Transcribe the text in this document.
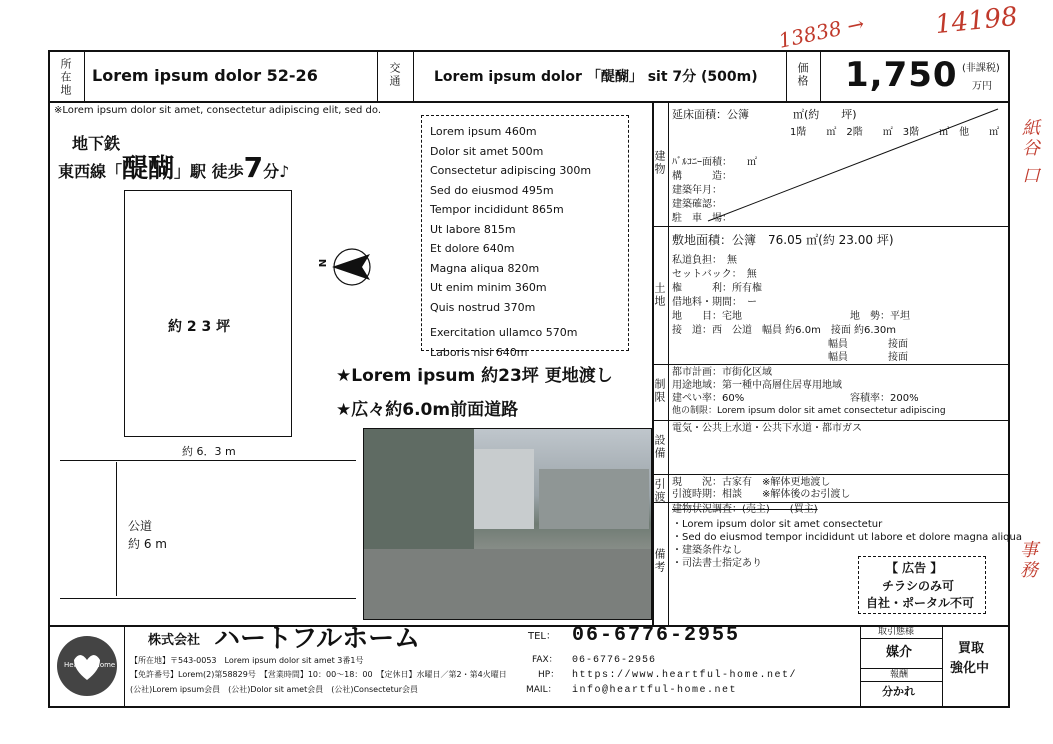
13838 →	14198
紙谷 口
事務
所在地 Lorem ipsum dolor 52-26	交通 Lorem ipsum dolor 「醍醐」 sit 7分 (500m)	価格 1,750 (非課税)
万円
※Lorem ipsum dolor sit amet, consectetur adipiscing elit, sed do.
地下鉄
東西線「醍醐」駅 徒歩7分♪
約 2 3 坪
約 6．3 m
公道
約 6 m
N
Lorem ipsum 460m
Dolor sit amet 500m
Consectetur adipiscing 300m
Sed do eiusmod 495m
Tempor incididunt 865m
Ut labore 815m
Et dolore 640m
Magna aliqua 820m
Ut enim minim 360m
Quis nostrud 370m
Exercitation ullamco 570m
Laboris nisi 640m
★Lorem ipsum 約23坪 更地渡し
★広々約6.0m前面道路
建物
延床面積：公簿　　　　㎡(約　　坪)
1階　　㎡　2階　　㎡　3階　　㎡　他　　㎡
ﾊﾞﾙｺﾆｰ面積：　　㎡
構　　　造：
建築年月：
建築確認：
駐　車　場：
土地
敷地面積：公簿　76.05 ㎡(約 23.00 坪)
私道負担：　無
セットバック：　無
権　　　利：所有権
借地料・期間：　ー
地　　目：宅地	地　勢：平坦
接　道：西　公道　幅員 約6.0m　接面 約6.30m
幅員　　　　接面
幅員　　　　接面
制限
都市計画：市街化区域
用途地域：第一種中高層住居専用地域
建ぺい率：60%	容積率：200%
他の制限：Lorem ipsum dolor sit amet consectetur adipiscing
設備
電気・公共上水道・公共下水道・都市ガス
引渡 現　　況：古家有　※解体更地渡し
引渡時期：相談　　※解体後のお引渡し
備考
建物状況調査：(売主)　　(買主)
・Lorem ipsum dolor sit amet consectetur
・Sed do eiusmod tempor incididunt ut labore et dolore magna aliqua
・建築条件なし
・司法書士指定あり	【 広告 】
チラシのみ可
自社・ポータル不可
Heartful Home
株式会社 ハートフルホーム
【所在地】〒543-0053　Lorem ipsum dolor sit amet 3番1号
【免許番号】Lorem(2)第58829号　【営業時間】10：00～18：00　【定休日】水曜日／第2・第4火曜日
(公社)Lorem ipsum会員　(公社)Dolor sit amet会員　(公社)Consectetur会員
TEL： 06-6776-2955
FAX： 06-6776-2956
HP： https://www.heartful-home.net/
MAIL： info@heartful-home.net
取引態様
媒介
報酬
分かれ
買取
強化中
